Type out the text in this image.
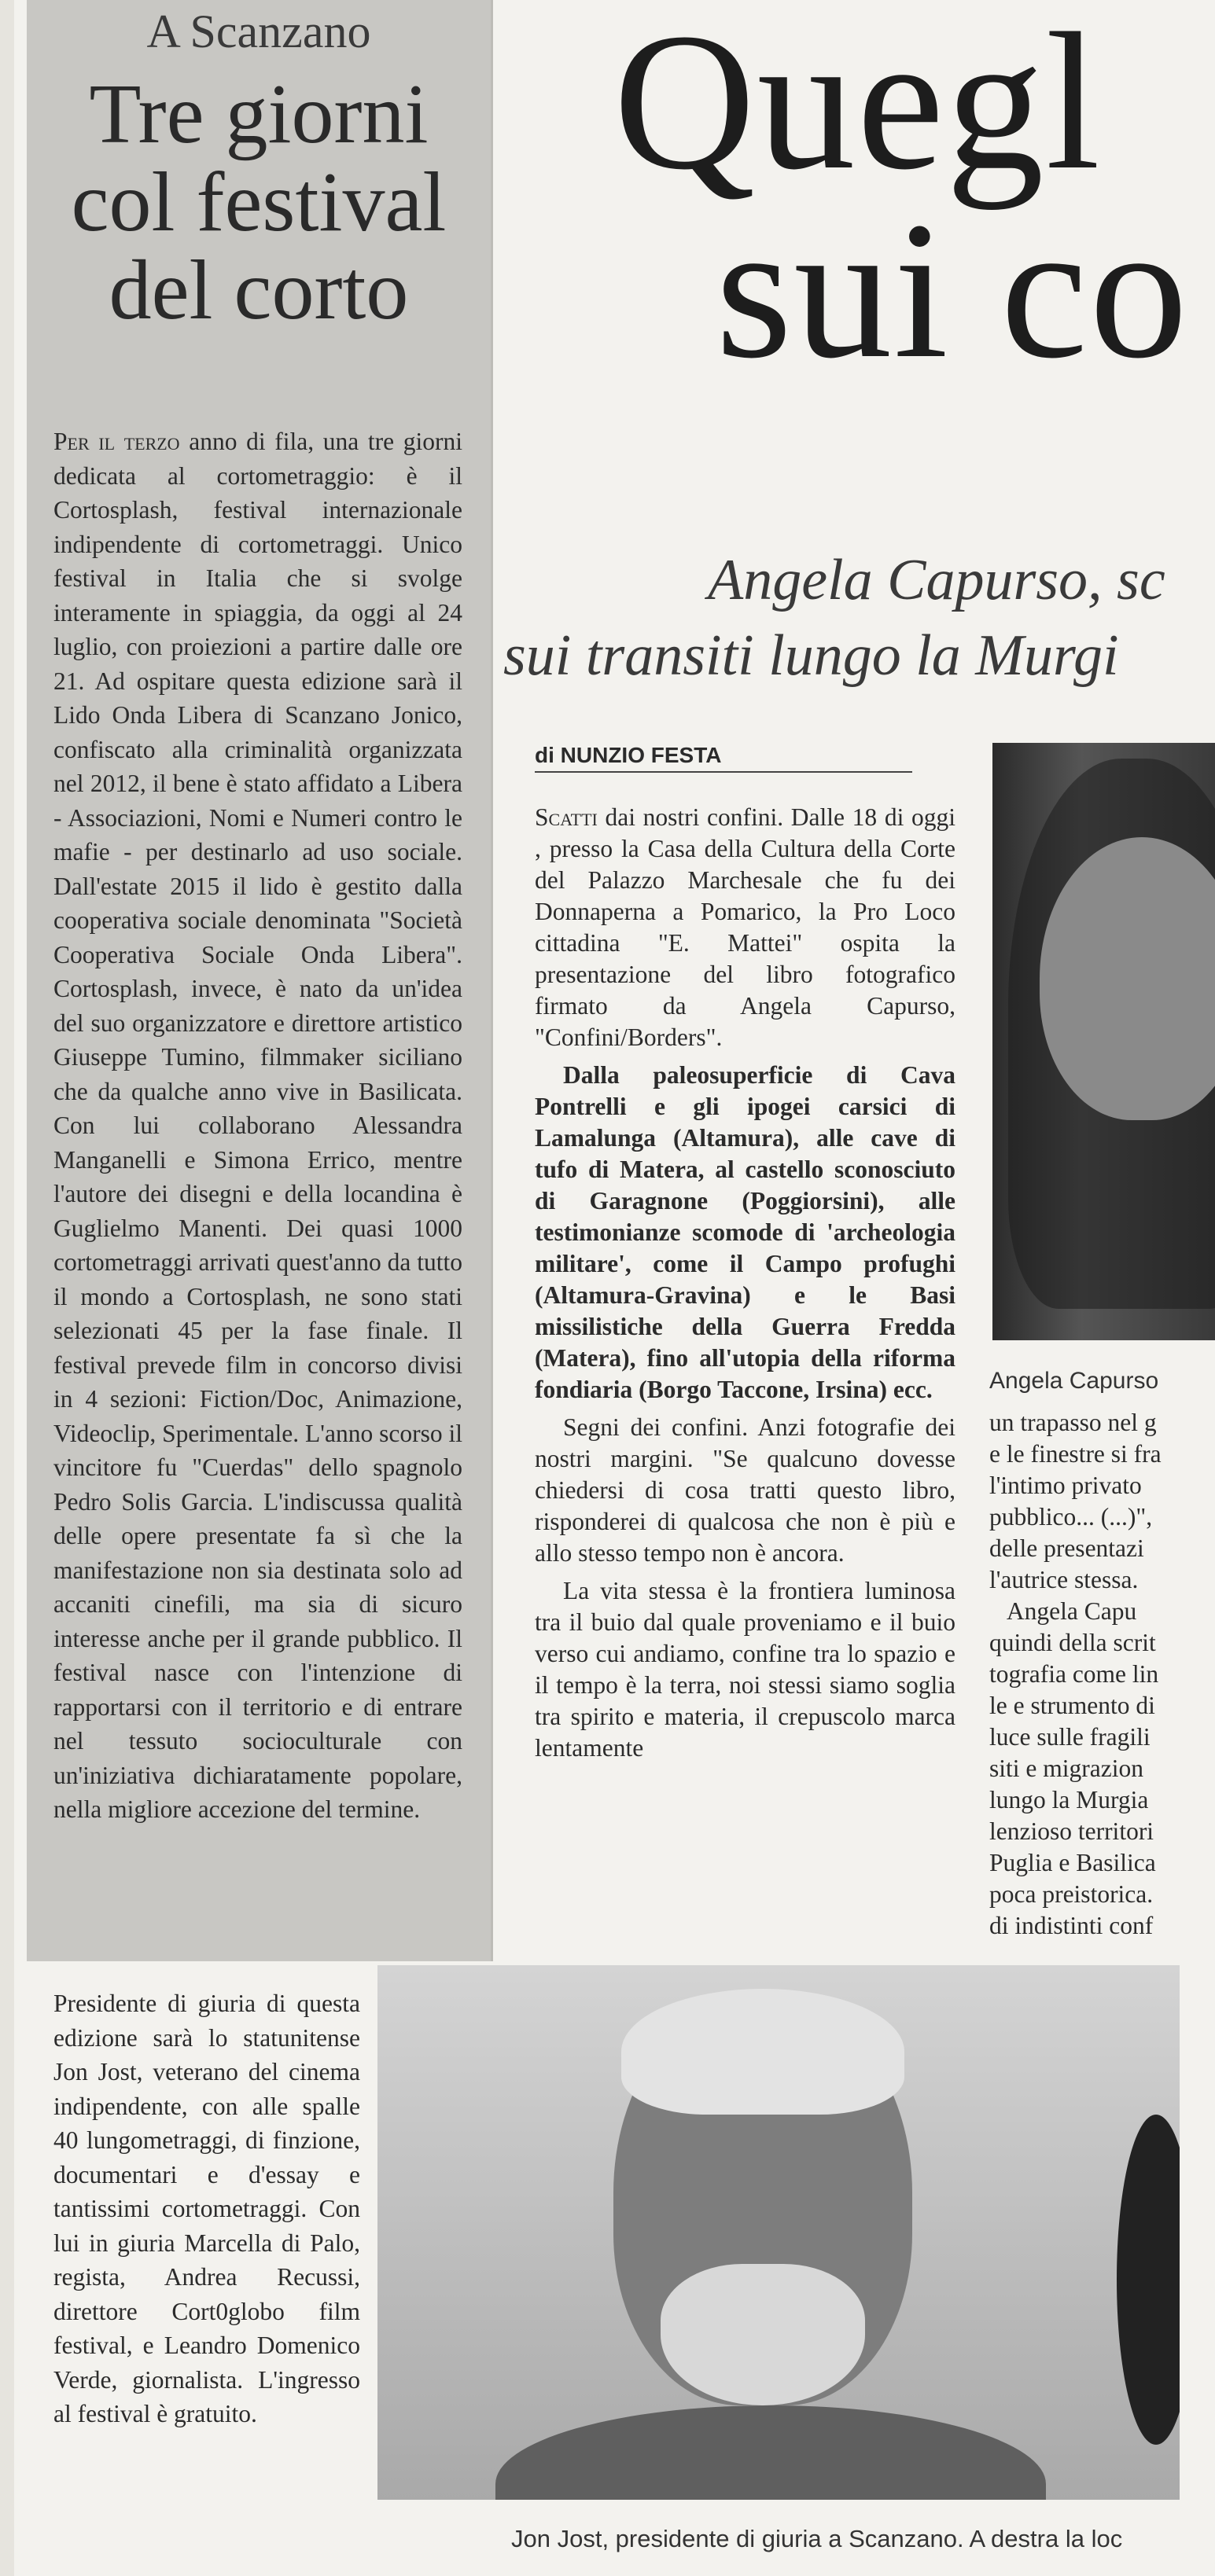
A Scanzano
Tre giorni
col festival
del corto
Per il terzo anno di fila, una tre giorni dedicata al cortometraggio: è il Cortosplash, festival internazionale indipendente di cortometraggi. Unico festival in Italia che si svolge interamente in spiaggia, da oggi al 24 luglio, con proiezioni a partire dalle ore 21. Ad ospitare questa edizione sarà il Lido Onda Libera di Scanzano Jonico, confiscato alla criminalità organizzata nel 2012, il bene è stato affidato a Libera - Associazioni, Nomi e Numeri contro le mafie - per destinarlo ad uso sociale. Dall'estate 2015 il lido è gestito dalla cooperativa sociale denominata "Società Cooperativa Sociale Onda Libera". Cortosplash, invece, è nato da un'idea del suo organizzatore e direttore artistico Giuseppe Tumino, filmmaker siciliano che da qualche anno vive in Basilicata. Con lui collaborano Alessandra Manganelli e Simona Errico, mentre l'autore dei disegni e della locandina è Guglielmo Manenti. Dei quasi 1000 cortometraggi arrivati quest'anno da tutto il mondo a Cortosplash, ne sono stati selezionati 45 per la fase finale. Il festival prevede film in concorso divisi in 4 sezioni: Fiction/Doc, Animazione, Videoclip, Sperimentale. L'anno scorso il vincitore fu "Cuerdas" dello spagnolo Pedro Solis Garcia. L'indiscussa qualità delle opere presentate fa sì che la manifestazione non sia destinata solo ad accaniti cinefili, ma sia di sicuro interesse anche per il grande pubblico. Il festival nasce con l'intenzione di rapportarsi con il territorio e di entrare nel tessuto socioculturale con un'iniziativa dichiaratamente popolare, nella migliore accezione del termine.
Presidente di giuria di questa edizione sarà lo statunitense Jon Jost, veterano del cinema indipendente, con alle spalle 40 lungometraggi, di finzione, documentari e d'essay e tantissimi cortometraggi. Con lui in giuria Marcella di Palo, regista, Andrea Recussi, direttore Cort0globo film festival, e Leandro Domenico Verde, giornalista. L'ingresso al festival è gratuito.
Quegl
sui co
Angela Capurso, sc
sui transiti lungo la Murgi
di NUNZIO FESTA

Scatti dai nostri confini. Dalle 18 di oggi , presso la Casa della Cultura della Corte del Palazzo Marchesale che fu dei Donnaperna a Pomarico, la Pro Loco cittadina "E. Mattei" ospita la presentazione del libro fotografico firmato da Angela Capurso, "Confini/Borders".

Dalla paleosuperficie di Cava Pontrelli e gli ipogei carsici di Lamalunga (Altamura), alle cave di tufo di Matera, al castello sconosciuto di Garagnone (Poggiorsini), alle testimonianze scomode di 'archeologia militare', come il Campo profughi (Altamura-Gravina) e le Basi missilistiche della Guerra Fredda (Matera), fino all'utopia della riforma fondiaria (Borgo Taccone, Irsina) ecc.

Segni dei confini. Anzi fotografie dei nostri margini. "Se qualcuno dovesse chiedersi di cosa tratti questo libro, risponderei di qualcosa che non è più e allo stesso tempo non è ancora.

La vita stessa è la frontiera luminosa tra il buio dal quale proveniamo e il buio verso cui andiamo, confine tra lo spazio e il tempo è la terra, noi stessi siamo soglia tra spirito e materia, il crepuscolo marca lentamente

Angela Capurso
un trapasso nel g
e le finestre si fra
l'intimo privato
pubblico... (...)",
delle presentazi
l'autrice stessa.
Angela Capu
quindi della scrit
tografia come lin
le e strumento di
luce sulle fragili
siti e migrazion
lungo la Murgia
lenzioso territori
Puglia e Basilica
poca preistorica.
di indistinti conf
Jon Jost, presidente di giuria a Scanzano. A destra la loc
